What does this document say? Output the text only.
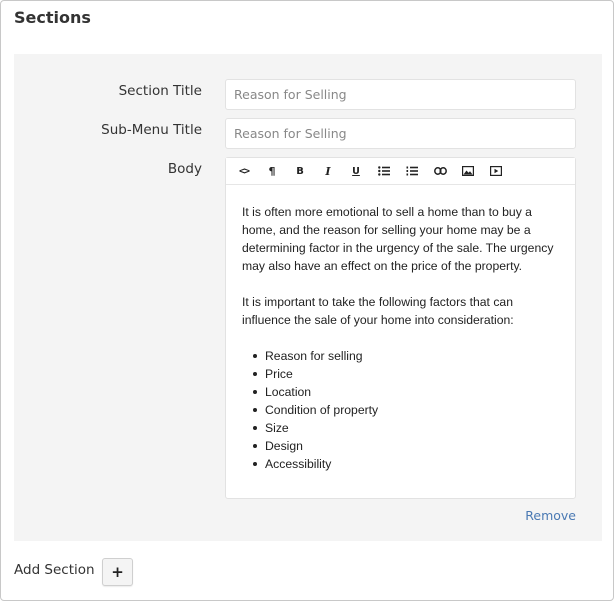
Sections
Section Title
Reason for Selling
Sub-Menu Title
Reason for Selling
Body	<> ¶ B I U

It is often more emotional to sell a home than to buy a home, and the reason for selling your home may be a determining factor in the urgency of the sale. The urgency may also have an effect on the price of the property.

It is important to take the following factors that can influence the sale of your home into consideration:

Reason for selling
Price
Location
Condition of property
Size
Design
Accessibility
Remove
Add Section	+
